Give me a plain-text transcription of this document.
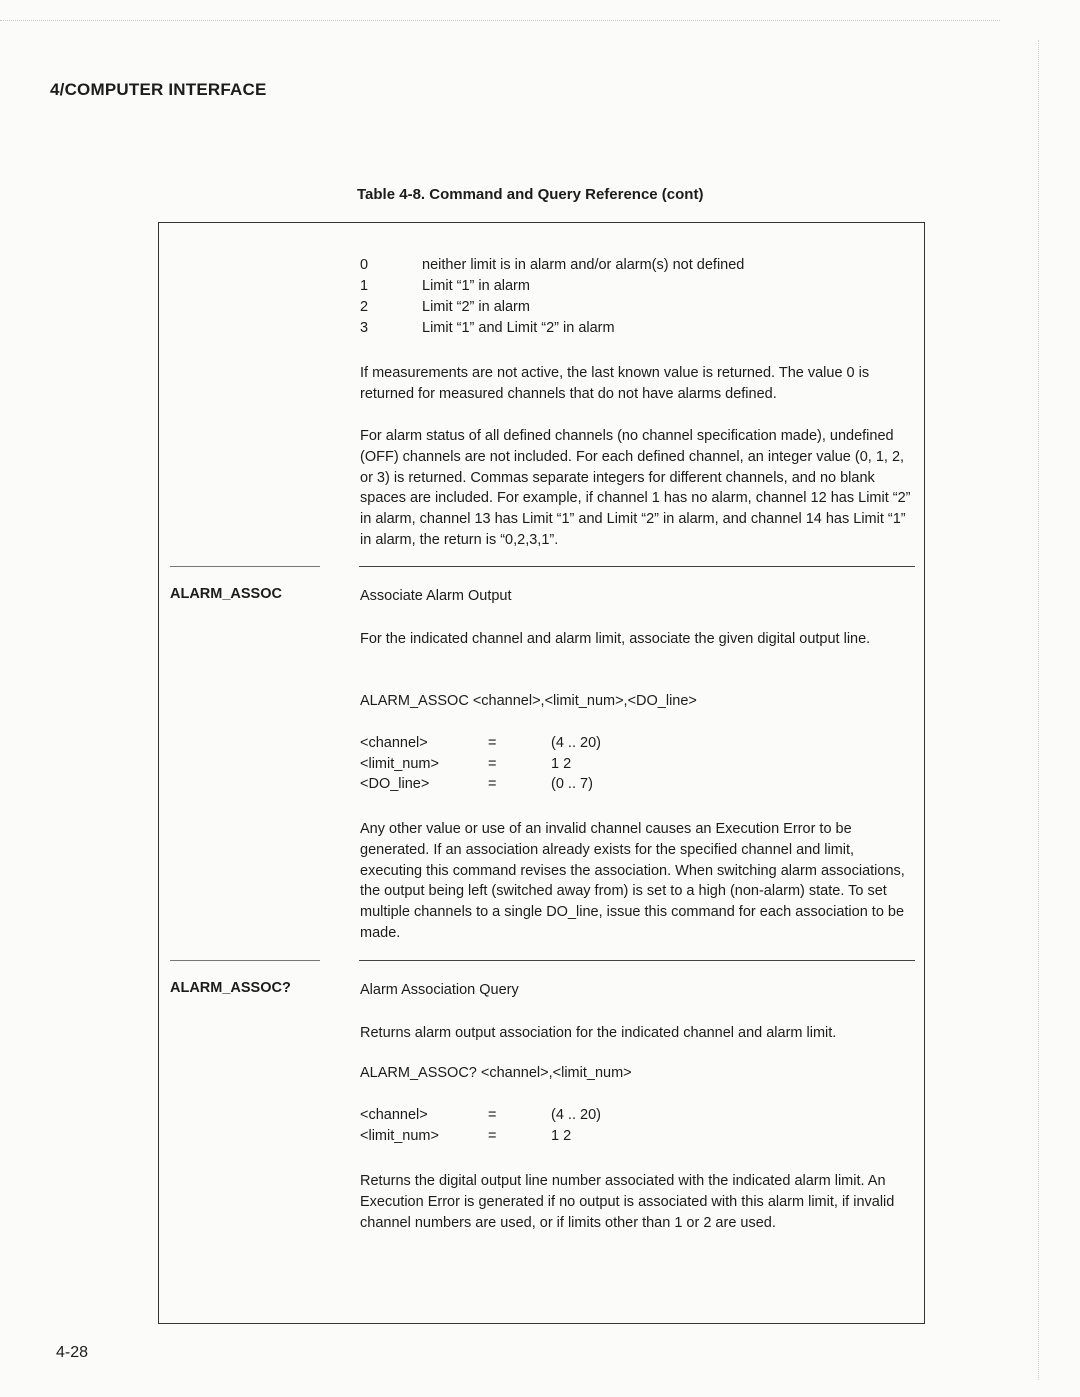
4/COMPUTER INTERFACE
Table 4-8. Command and Query Reference (cont)
0	neither limit is in alarm and/or alarm(s) not defined
1	Limit “1” in alarm
2	Limit “2” in alarm
3	Limit “1” and Limit “2” in alarm
If measurements are not active, the last known value is returned. The value 0 is returned for measured channels that do not have alarms defined.
For alarm status of all defined channels (no channel specification made), undefined (OFF) channels are not included. For each defined channel, an integer value (0, 1, 2, or 3) is returned. Commas separate integers for different channels, and no blank spaces are included. For example, if channel 1 has no alarm, channel 12 has Limit “2” in alarm, channel 13 has Limit “1” and Limit “2” in alarm, and channel 14 has Limit “1” in alarm, the return is “0,2,3,1”.
ALARM_ASSOC	Associate Alarm Output
For the indicated channel and alarm limit, associate the given digital output line.
ALARM_ASSOC <channel>,<limit_num>,<DO_line>
<channel>	=	(4 .. 20)
<limit_num>	=	1 2
<DO_line>	=	(0 .. 7)
Any other value or use of an invalid channel causes an Execution Error to be generated. If an association already exists for the specified channel and limit, executing this command revises the association. When switching alarm associations, the output being left (switched away from) is set to a high (non-alarm) state. To set multiple channels to a single DO_line, issue this command for each association to be made.
ALARM_ASSOC?	Alarm Association Query
Returns alarm output association for the indicated channel and alarm limit.
ALARM_ASSOC? <channel>,<limit_num>
<channel>	=	(4 .. 20)
<limit_num>	=	1 2
Returns the digital output line number associated with the indicated alarm limit. An Execution Error is generated if no output is associated with this alarm limit, if invalid channel numbers are used, or if limits other than 1 or 2 are used.
4-28
